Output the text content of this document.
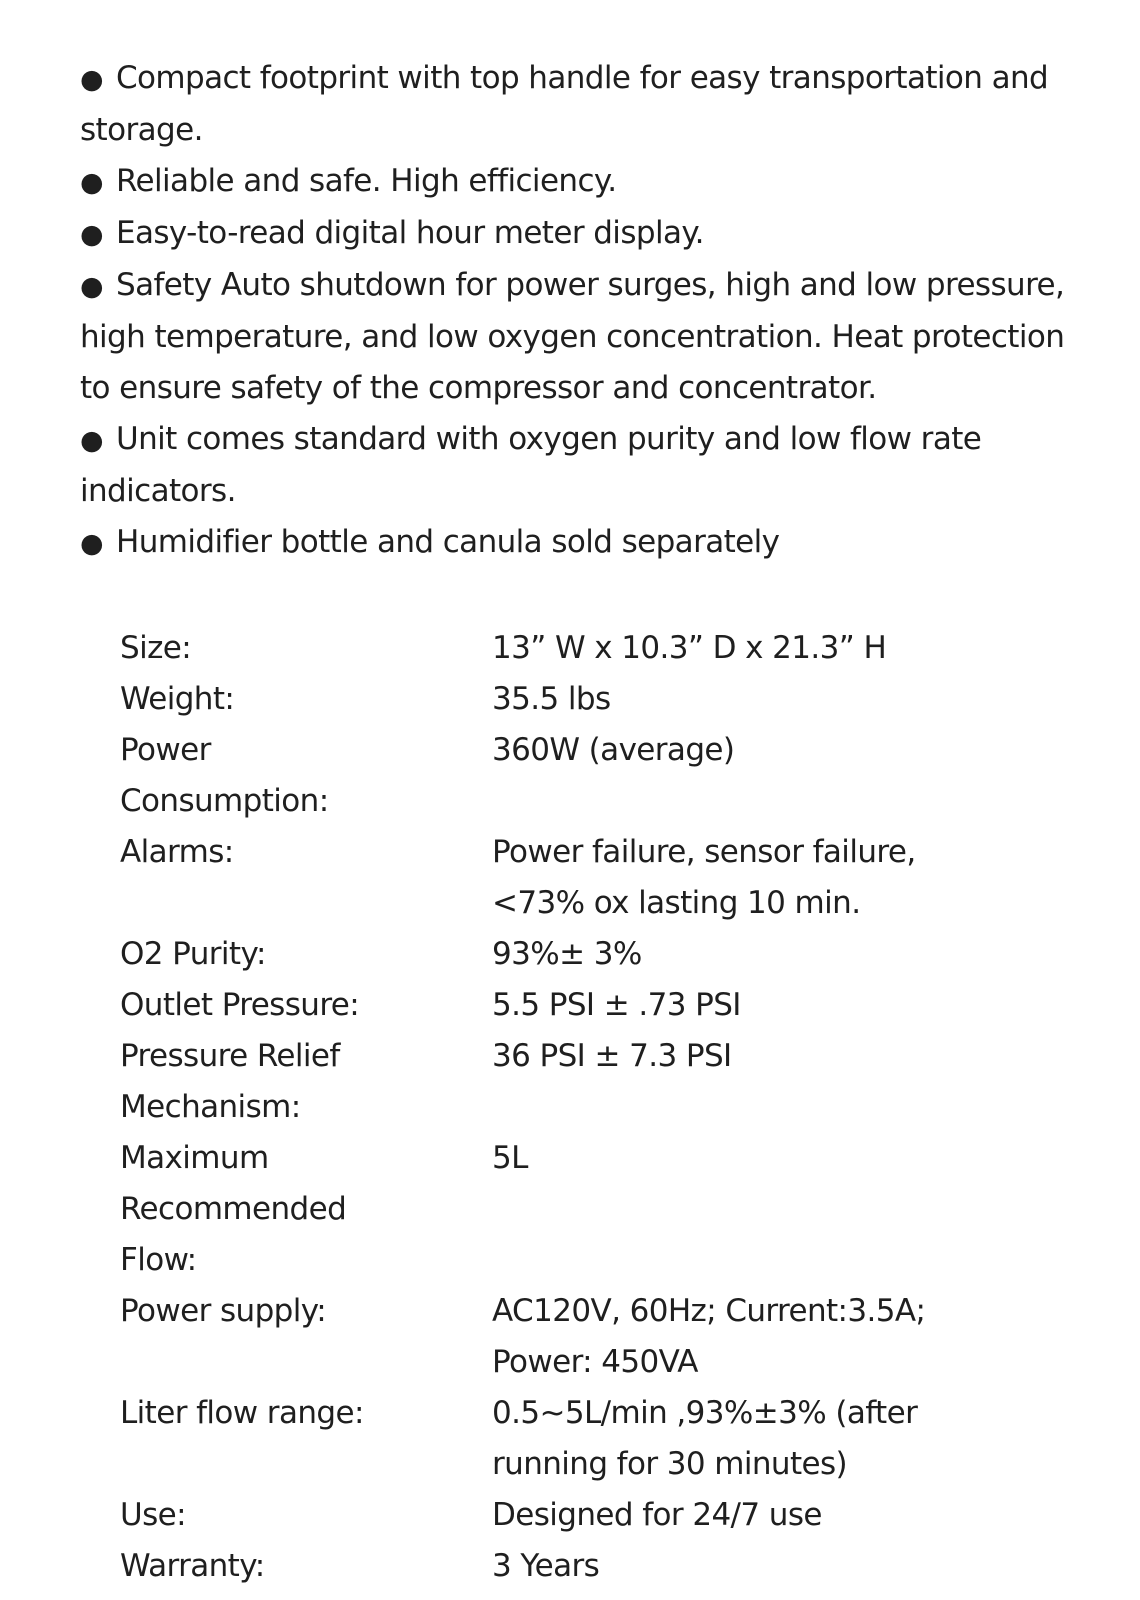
● Compact footprint with top handle for easy transportation and storage.
● Reliable and safe. High efficiency.
● Easy-to-read digital hour meter display.
● Safety Auto shutdown for power surges, high and low pressure, high temperature, and low oxygen concentration. Heat protection to ensure safety of the compressor and concentrator.
● Unit comes standard with oxygen purity and low flow rate indicators.
● Humidifier bottle and canula sold separately
Size:	13” W x 10.3” D x 21.3” H
Weight:	35.5 lbs
Power Consumption:	360W (average)
Alarms:	Power failure, sensor failure, <73% ox lasting 10 min.
O2 Purity:	93%± 3%
Outlet Pressure:	5.5 PSI ± .73 PSI
Pressure Relief Mechanism:	36 PSI ± 7.3 PSI
Maximum Recommended Flow:	5L
Power supply:	AC120V, 60Hz; Current:3.5A; Power: 450VA
Liter flow range:	0.5~5L/min ,93%±3% (after running for 30 minutes)
Use:	Designed for 24/7 use
Warranty:	3 Years
